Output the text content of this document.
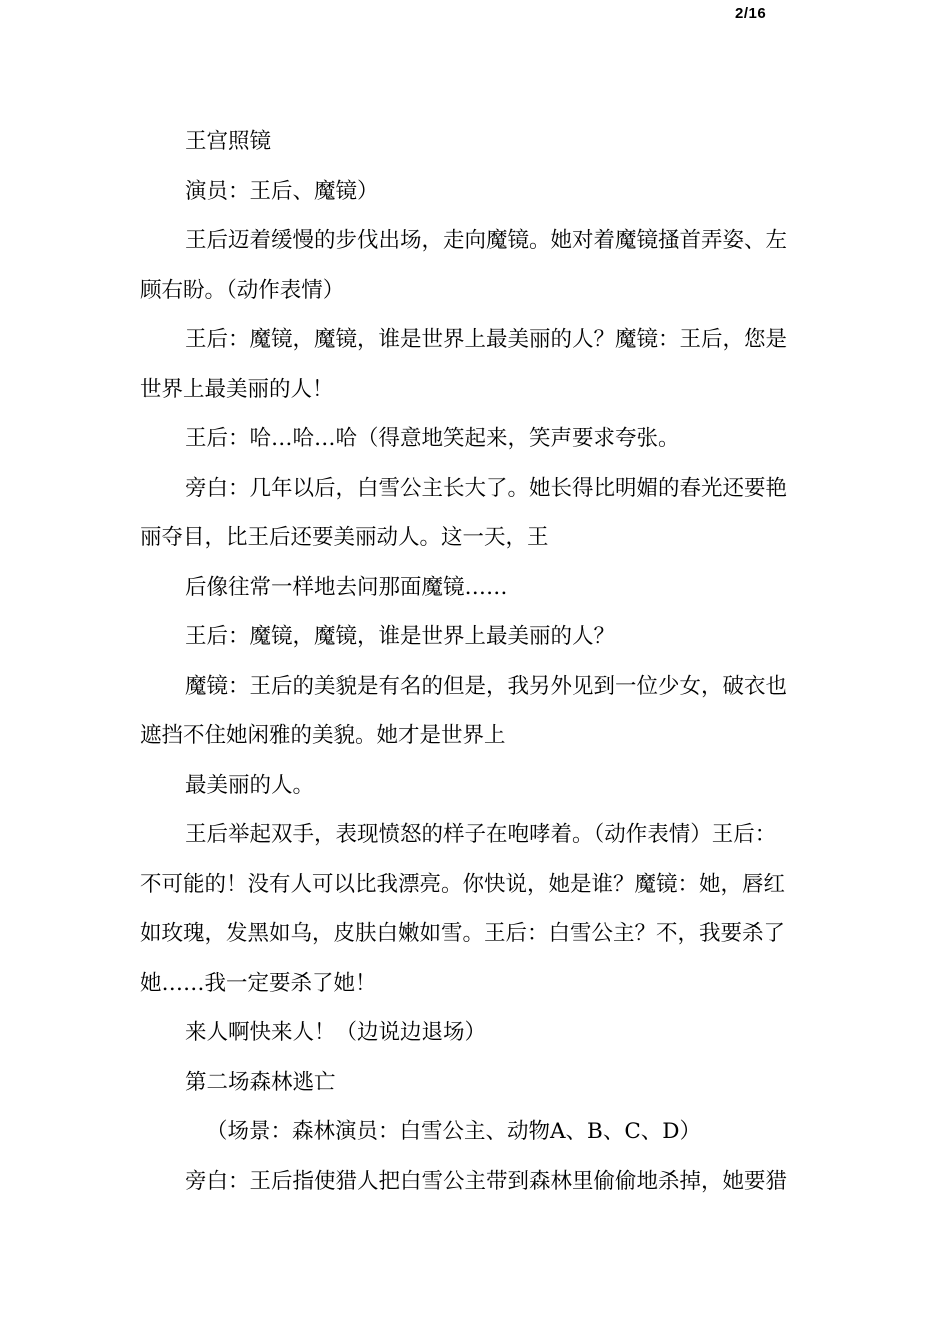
2/16

王宫照镜

演员：王后、魔镜）

王后迈着缓慢的步伐出场，走向魔镜。她对着魔镜搔首弄姿、左

顾右盼。（动作表情）

王后：魔镜，魔镜，谁是世界上最美丽的人？魔镜：王后，您是

世界上最美丽的人！

王后：哈…哈…哈（得意地笑起来，笑声要求夸张。

旁白：几年以后，白雪公主长大了。她长得比明媚的春光还要艳

丽夺目，比王后还要美丽动人。这一天，王

后像往常一样地去问那面魔镜……

王后：魔镜，魔镜，谁是世界上最美丽的人？

魔镜：王后的美貌是有名的但是，我另外见到一位少女，破衣也

遮挡不住她闲雅的美貌。她才是世界上

最美丽的人。

王后举起双手，表现愤怒的样子在咆哮着。（动作表情）王后：

不可能的！没有人可以比我漂亮。你快说，她是谁？魔镜：她，唇红

如玫瑰，发黑如乌，皮肤白嫩如雪。王后：白雪公主？不，我要杀了

她……我一定要杀了她！

来人啊快来人！（边说边退场）

第二场森林逃亡

（场景：森林演员：白雪公主、动物A、B、C、D）

旁白：王后指使猎人把白雪公主带到森林里偷偷地杀掉，她要猎
